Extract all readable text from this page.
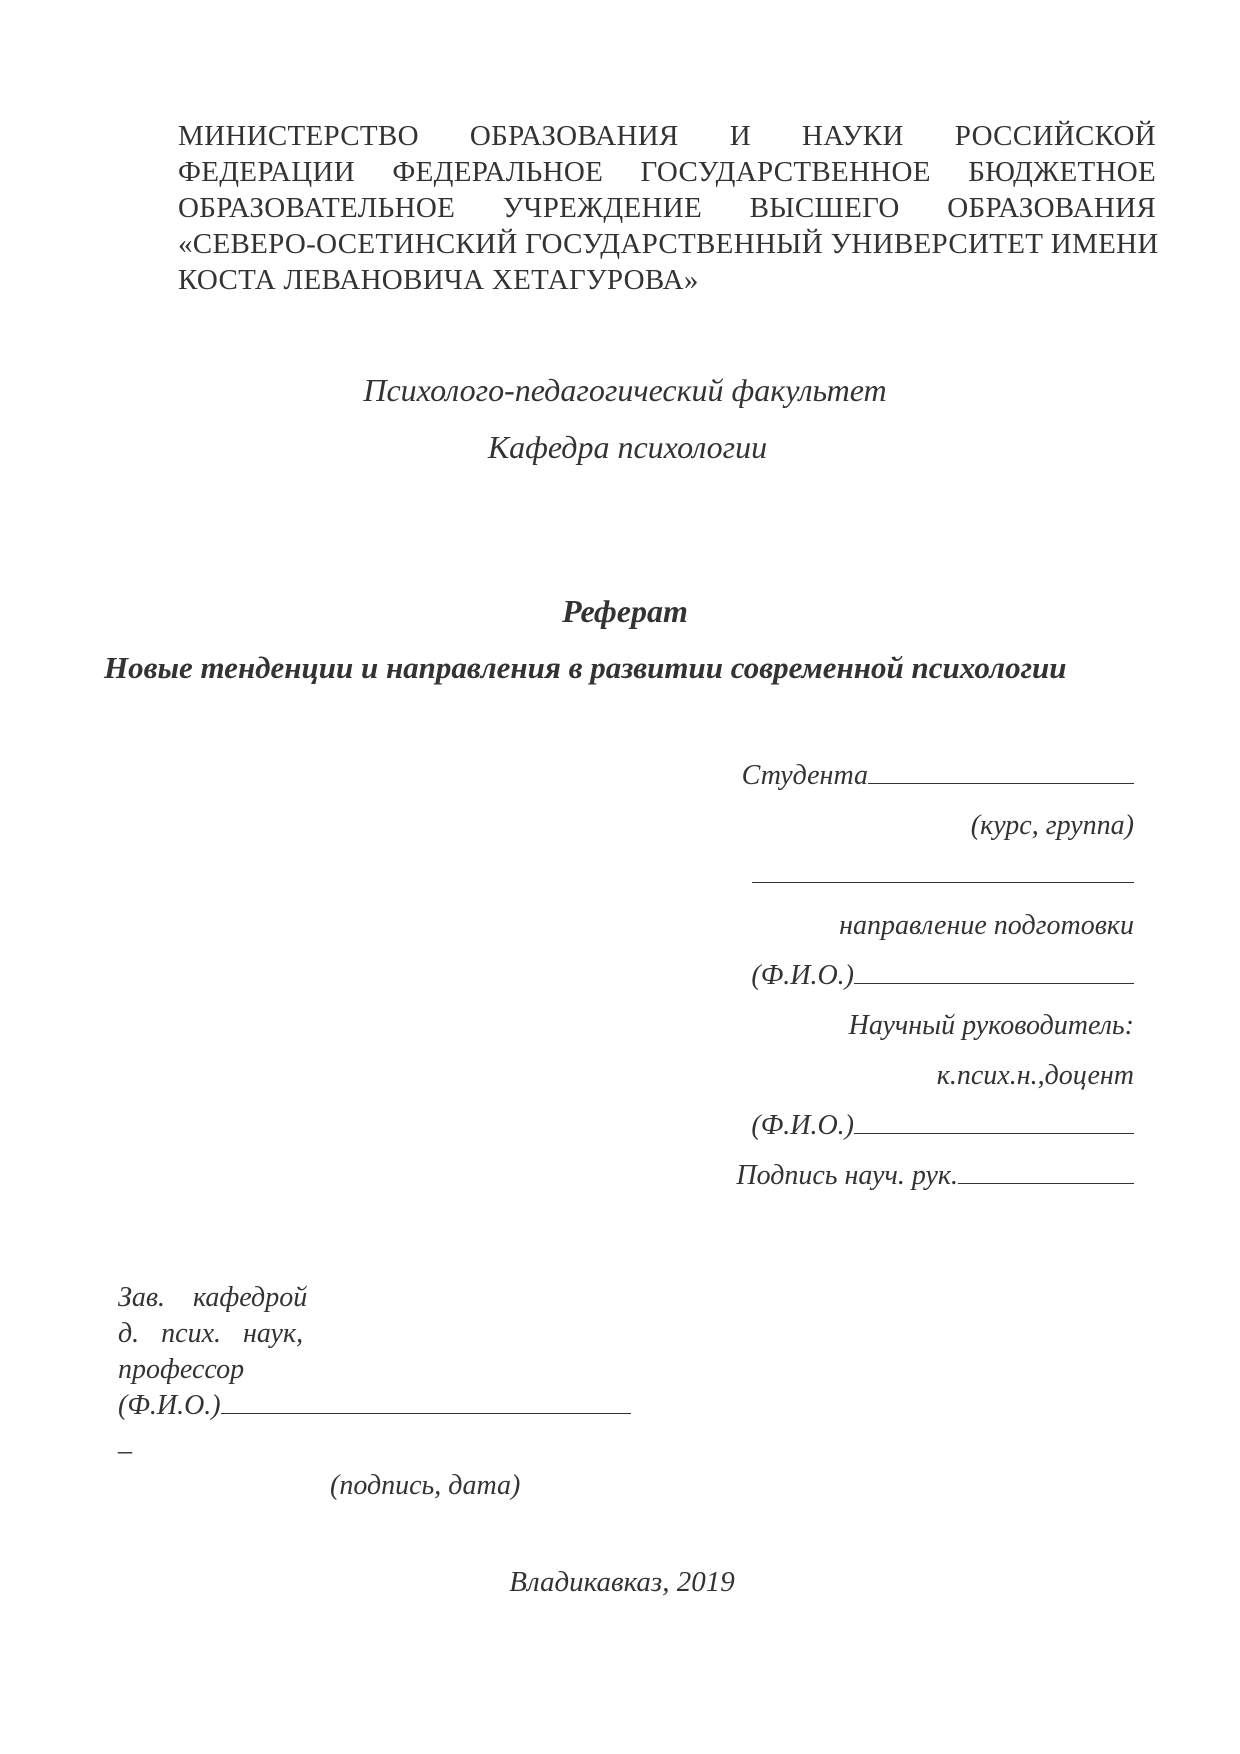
МИНИСТЕРСТВО ОБРАЗОВАНИЯ И НАУКИ РОССИЙСКОЙ
ФЕДЕРАЦИИ ФЕДЕРАЛЬНОЕ ГОСУДАРСТВЕННОЕ БЮДЖЕТНОЕ
ОБРАЗОВАТЕЛЬНОЕ УЧРЕЖДЕНИЕ ВЫСШЕГО ОБРАЗОВАНИЯ
«СЕВЕРО-ОСЕТИНСКИЙ ГОСУДАРСТВЕННЫЙ УНИВЕРСИТЕТ ИМЕНИ
КОСТА ЛЕВАНОВИЧА ХЕТАГУРОВА»
Психолого-педагогический факультет
Кафедра психологии
Реферат
Новые тенденции и направления в развитии современной психологии
Студента
(курс, группа)
направление подготовки
(Ф.И.О.)
Научный руководитель:
к.псих.н.,доцент
(Ф.И.О.)
Подпись науч. рук.
Зав. кафедрой
д. псих. наук,
профессор
(Ф.И.О.)
_
(подпись, дата)
Владикавказ, 2019
